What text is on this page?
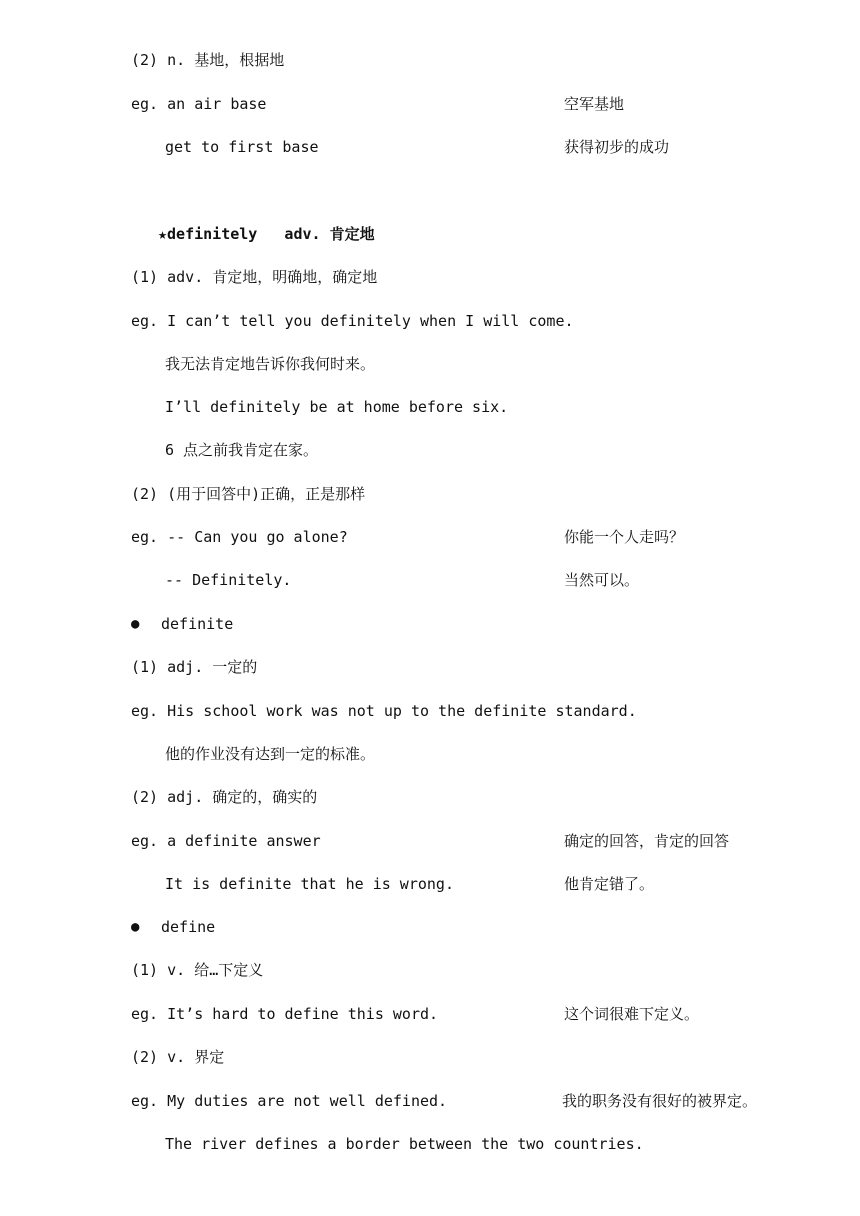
(2) n. 基地，根据地
eg. an air base	空军基地
get to first base	获得初步的成功
★definitely   adv. 肯定地
(1) adv. 肯定地，明确地，确定地
eg. I can’t tell you definitely when I will come.
我无法肯定地告诉你我何时来。
I’ll definitely be at home before six.
6 点之前我肯定在家。
(2) (用于回答中)正确，正是那样
eg. -- Can you go alone?	你能一个人走吗？
-- Definitely.	当然可以。
definite
(1) adj. 一定的
eg. His school work was not up to the definite standard.
他的作业没有达到一定的标准。
(2) adj. 确定的，确实的
eg. a definite answer	确定的回答，肯定的回答
It is definite that he is wrong.	他肯定错了。
define
(1) v. 给…下定义
eg. It’s hard to define this word.	这个词很难下定义。
(2) v. 界定
eg. My duties are not well defined.	我的职务没有很好的被界定。
The river defines a border between the two countries.
●
●
